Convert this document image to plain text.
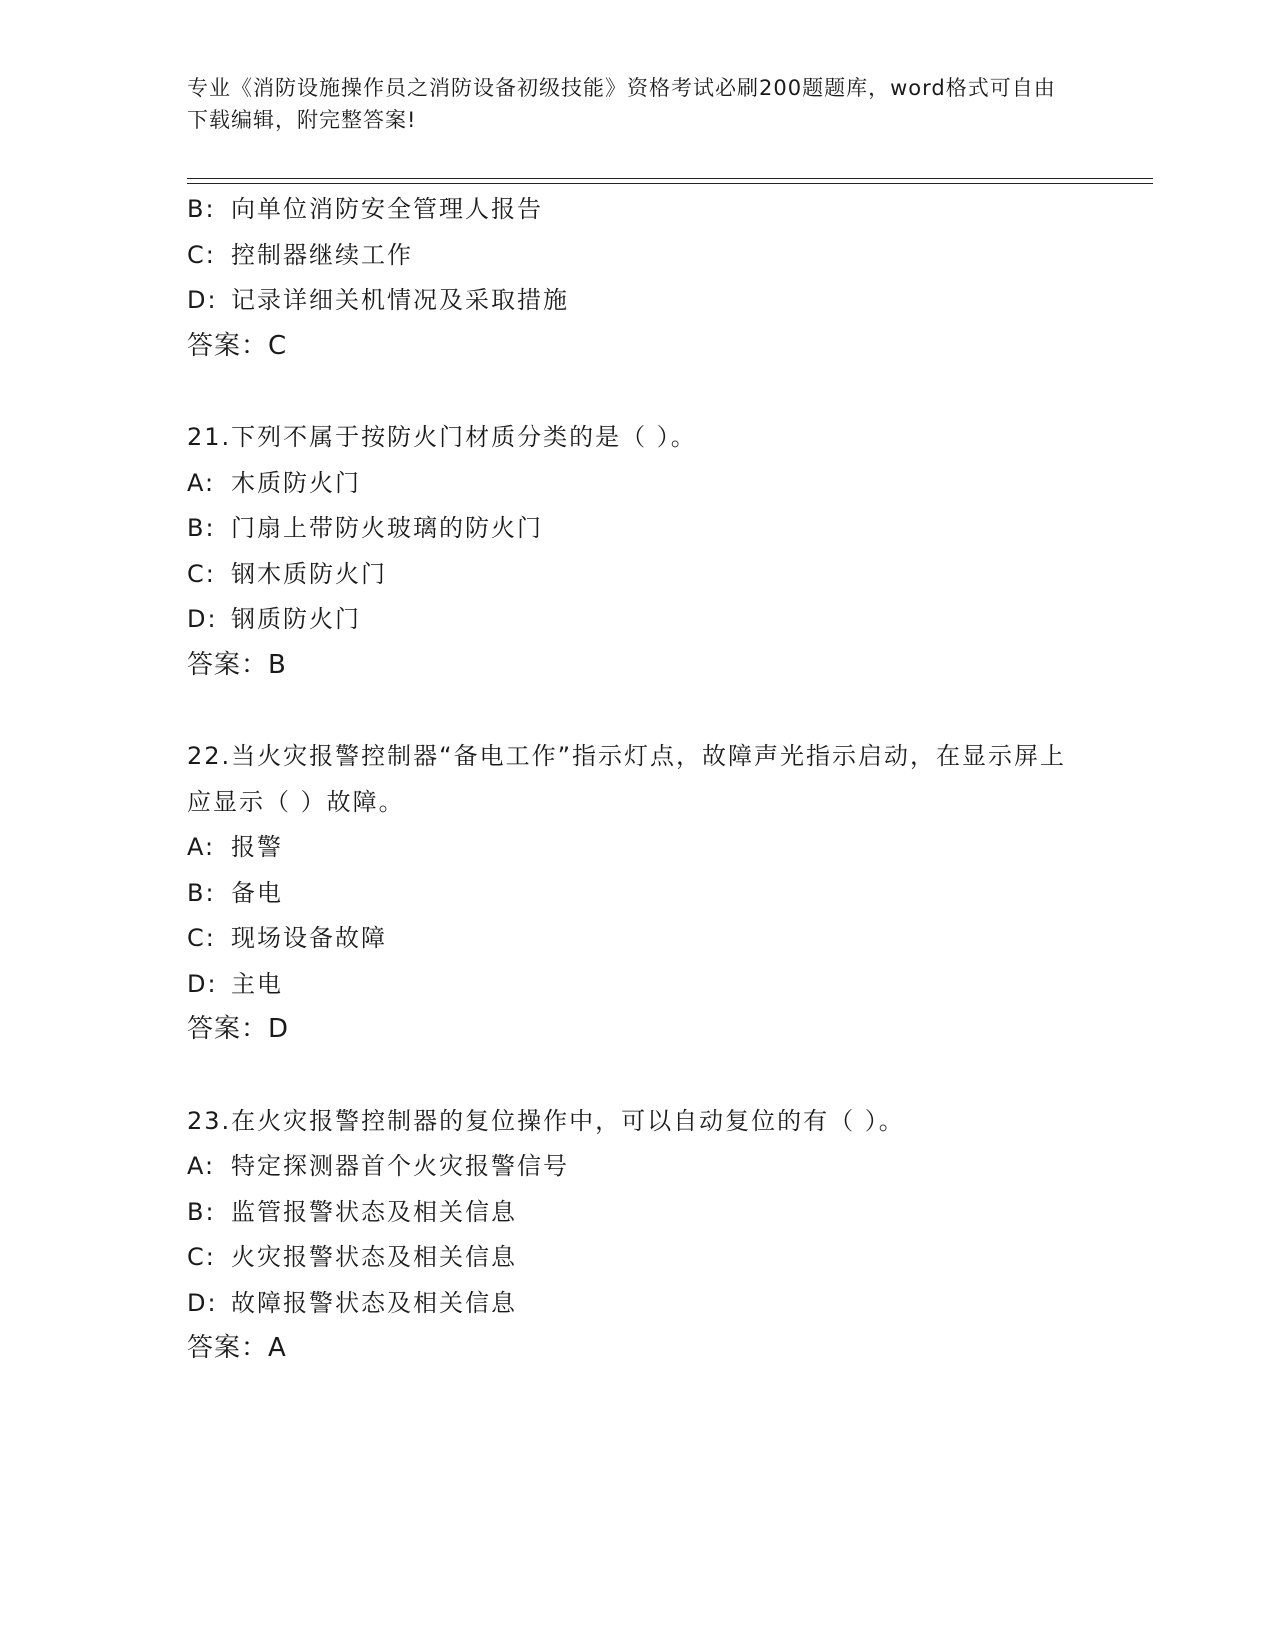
专业《消防设施操作员之消防设备初级技能》资格考试必刷200题题库，word格式可自由下载编辑，附完整答案!
B: 向单位消防安全管理人报告
C: 控制器继续工作
D: 记录详细关机情况及采取措施
答案：C
21.下列不属于按防火门材质分类的是（ ）。
A: 木质防火门
B: 门扇上带防火玻璃的防火门
C: 钢木质防火门
D: 钢质防火门
答案：B
22.当火灾报警控制器“备电工作”指示灯点，故障声光指示启动，在显示屏上应显示（ ）故障。
A: 报警
B: 备电
C: 现场设备故障
D: 主电
答案：D
23.在火灾报警控制器的复位操作中，可以自动复位的有（ ）。
A: 特定探测器首个火灾报警信号
B: 监管报警状态及相关信息
C: 火灾报警状态及相关信息
D: 故障报警状态及相关信息
答案：A
